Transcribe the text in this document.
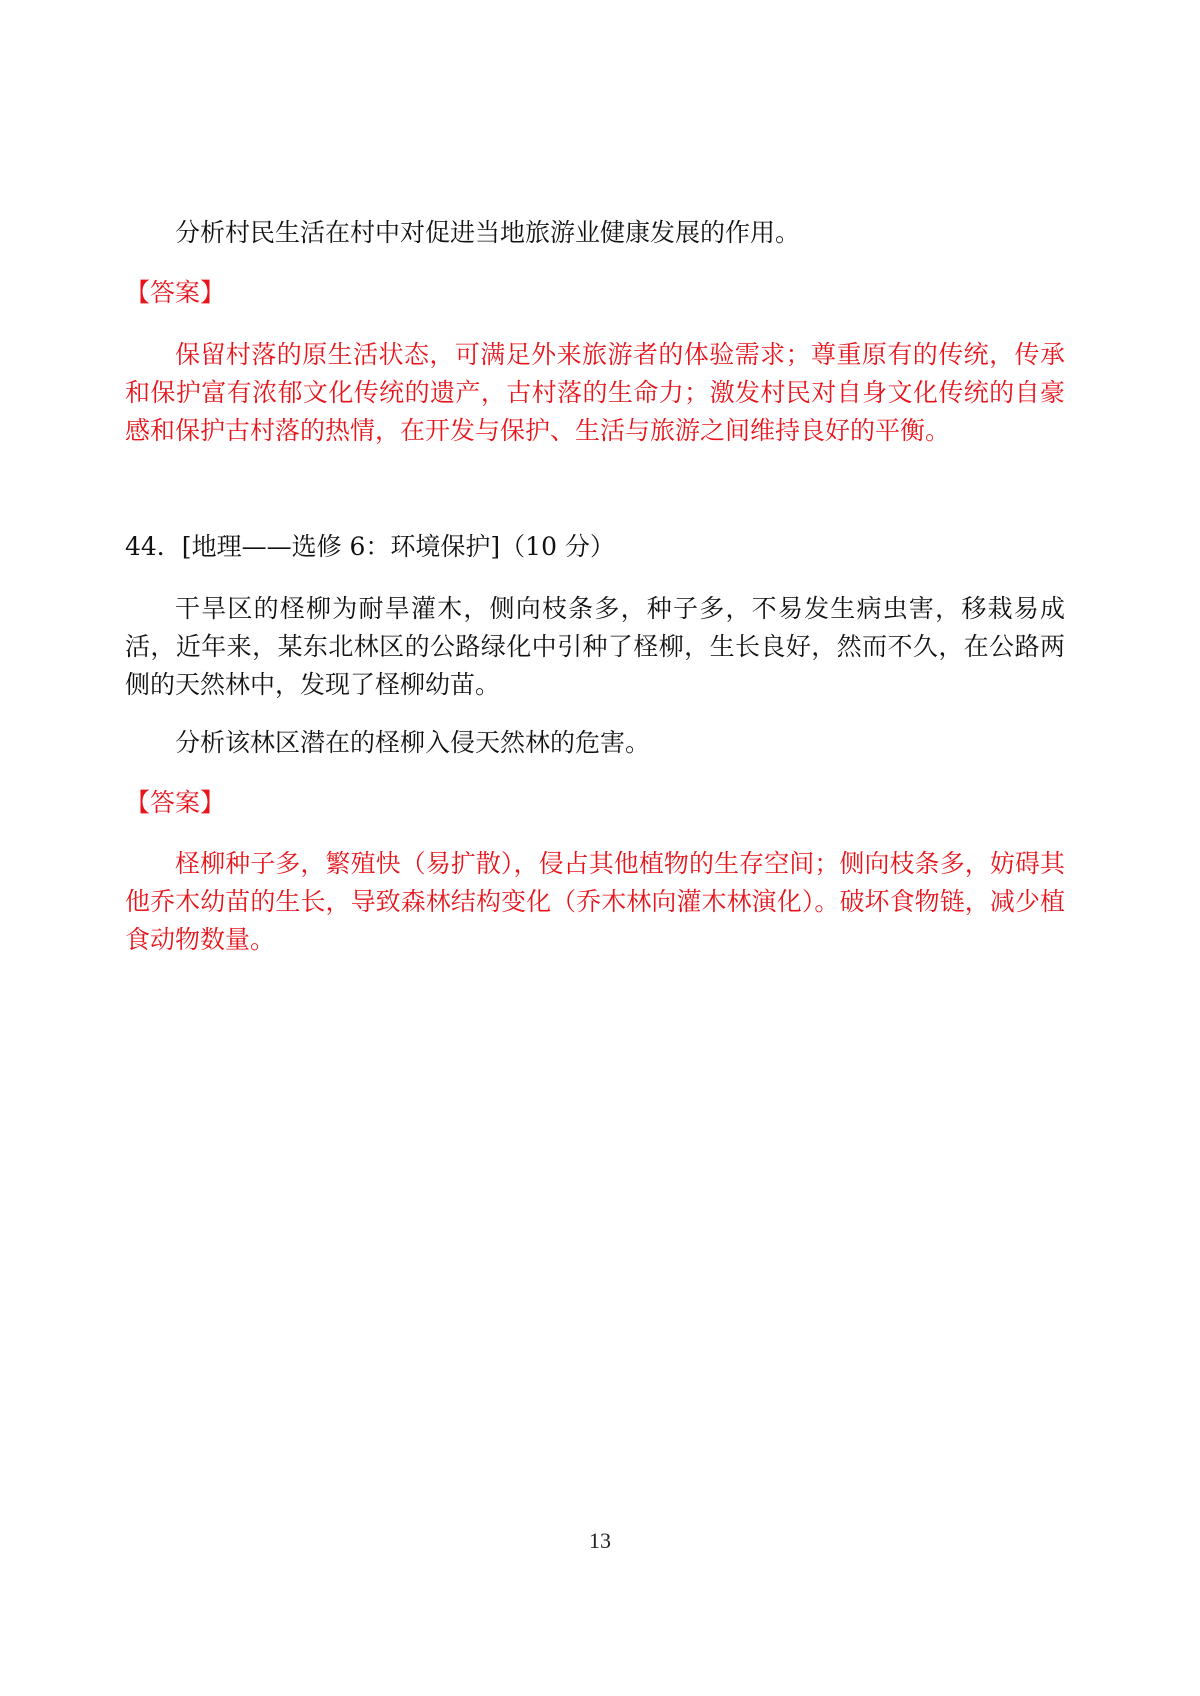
分析村民生活在村中对促进当地旅游业健康发展的作用。

【答案】

保留村落的原生活状态，可满足外来旅游者的体验需求；尊重原有的传统，传承和保护富有浓郁文化传统的遗产，古村落的生命力；激发村民对自身文化传统的自豪感和保护古村落的热情，在开发与保护、生活与旅游之间维持良好的平衡。

44．[地理——选修 6：环境保护]（10 分）

干旱区的柽柳为耐旱灌木，侧向枝条多，种子多，不易发生病虫害，移栽易成活，近年来，某东北林区的公路绿化中引种了柽柳，生长良好，然而不久，在公路两侧的天然林中，发现了柽柳幼苗。

分析该林区潜在的柽柳入侵天然林的危害。

【答案】

柽柳种子多，繁殖快（易扩散），侵占其他植物的生存空间；侧向枝条多，妨碍其他乔木幼苗的生长，导致森林结构变化（乔木林向灌木林演化）。破坏食物链，减少植食动物数量。

13
